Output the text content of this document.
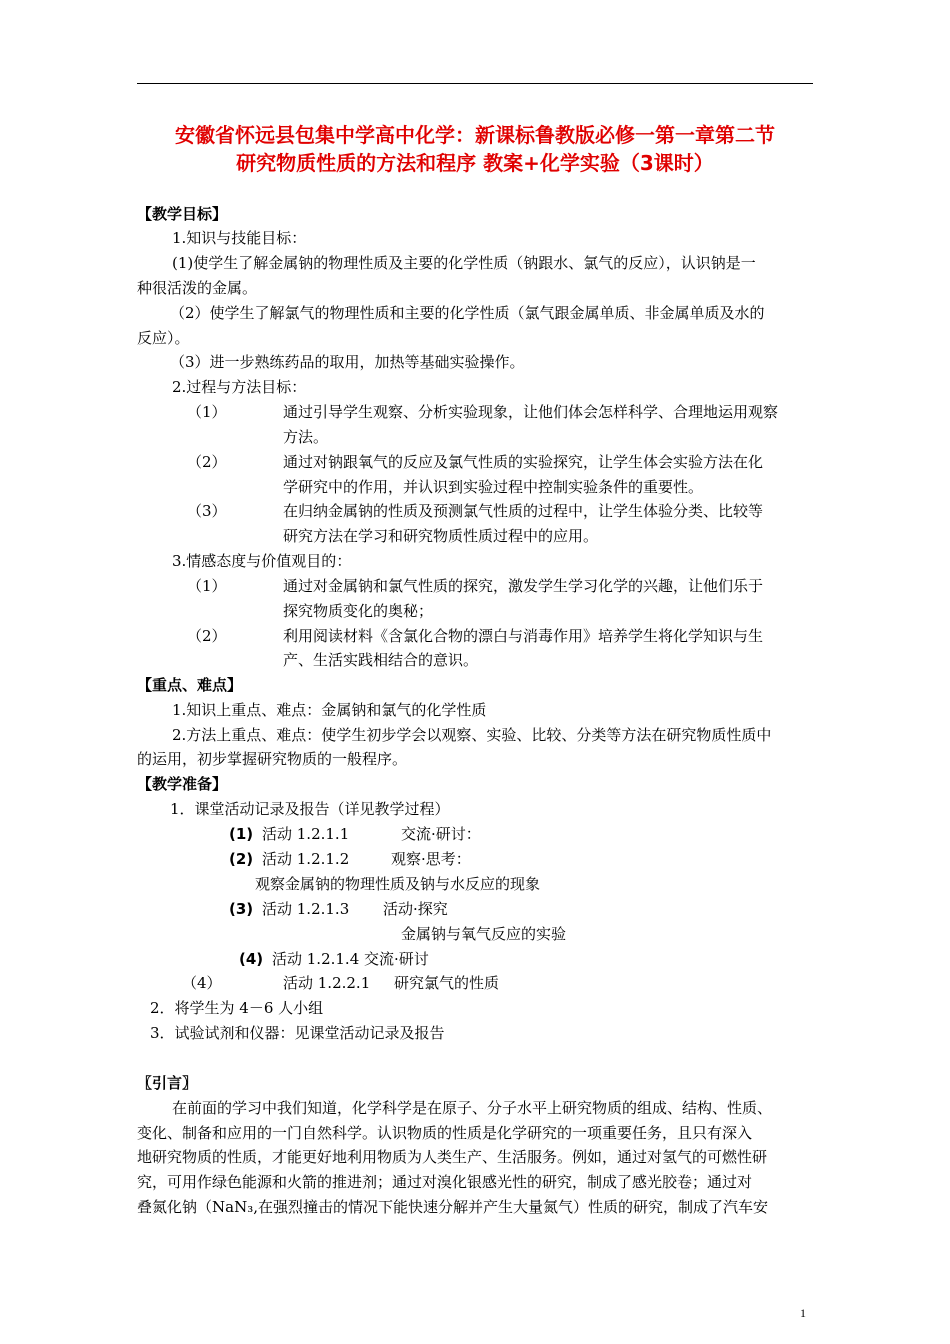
安徽省怀远县包集中学高中化学：新课标鲁教版必修一第一章第二节
研究物质性质的方法和程序 教案+化学实验（3课时）
【教学目标】
1.知识与技能目标：
(1)使学生了解金属钠的物理性质及主要的化学性质（钠跟水、氯气的反应），认识钠是一
种很活泼的金属。
（2）使学生了解氯气的物理性质和主要的化学性质（氯气跟金属单质、非金属单质及水的
反应）。
（3）进一步熟练药品的取用，加热等基础实验操作。
2.过程与方法目标：
（1）	通过引导学生观察、分析实验现象，让他们体会怎样科学、合理地运用观察
方法。
（2）	通过对钠跟氧气的反应及氯气性质的实验探究，让学生体会实验方法在化
学研究中的作用，并认识到实验过程中控制实验条件的重要性。
（3）	在归纳金属钠的性质及预测氯气性质的过程中，让学生体验分类、比较等
研究方法在学习和研究物质性质过程中的应用。
3.情感态度与价值观目的：
（1）	通过对金属钠和氯气性质的探究，激发学生学习化学的兴趣，让他们乐于
探究物质变化的奥秘；
（2）	利用阅读材料《含氯化合物的漂白与消毒作用》培养学生将化学知识与生
产、生活实践相结合的意识。
【重点、难点】
1.知识上重点、难点：金属钠和氯气的化学性质
2.方法上重点、难点：使学生初步学会以观察、实验、比较、分类等方法在研究物质性质中
的运用，初步掌握研究物质的一般程序。
【教学准备】
1．课堂活动记录及报告（详见教学过程）
(1) 活动 1.2.1.1	交流·研讨：
(2) 活动 1.2.1.2	观察·思考：
观察金属钠的物理性质及钠与水反应的现象
(3) 活动 1.2.1.3 活动·探究
金属钠与氧气反应的实验
(4) 活动 1.2.1.4 交流·研讨
（4）	活动 1.2.2.1 研究氯气的性质
2．将学生为 4－6 人小组
3．试验试剂和仪器：见课堂活动记录及报告
〖引言〗
在前面的学习中我们知道，化学科学是在原子、分子水平上研究物质的组成、结构、性质、
变化、制备和应用的一门自然科学。认识物质的性质是化学研究的一项重要任务，且只有深入
地研究物质的性质，才能更好地利用物质为人类生产、生活服务。例如，通过对氢气的可燃性研
究，可用作绿色能源和火箭的推进剂；通过对溴化银感光性的研究，制成了感光胶卷；通过对
叠氮化钠（NaN₃,在强烈撞击的情况下能快速分解并产生大量氮气）性质的研究，制成了汽车安
1
